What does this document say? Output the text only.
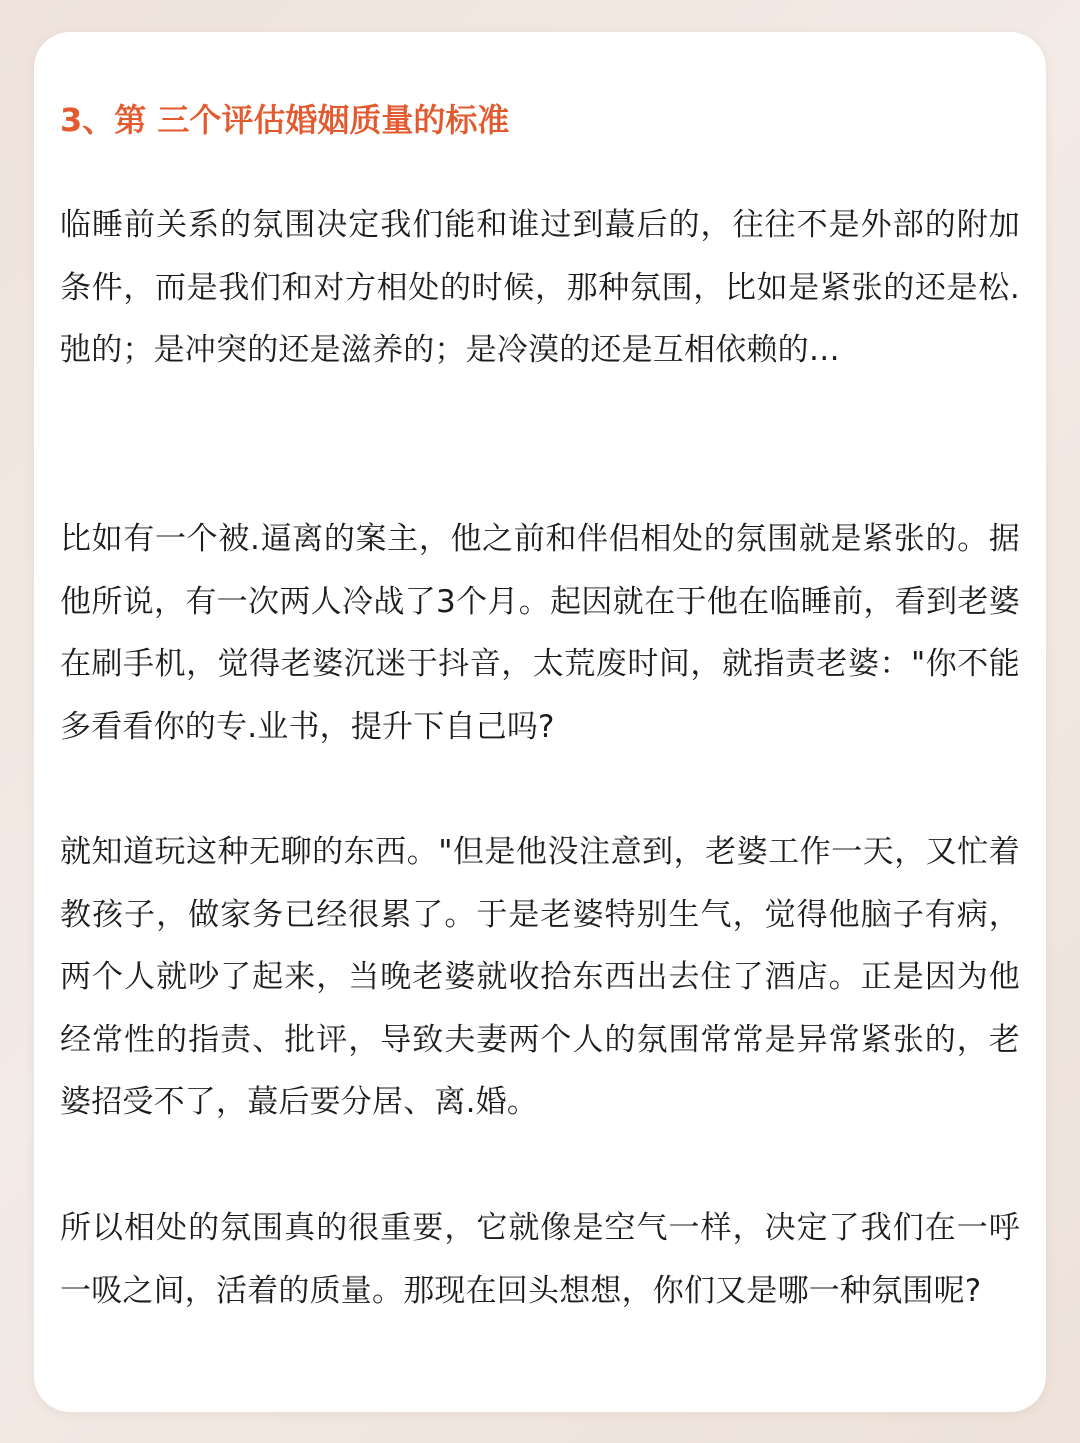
3、第 三个评估婚姻质量的标准

临睡前关系的氛围决定我们能和谁过到蕞后的，往往不是外部的附加条件，而是我们和对方相处的时候，那种氛围，比如是紧张的还是松.弛的；是冲突的还是滋养的；是冷漠的还是互相依赖的…

比如有一个被.逼离的案主，他之前和伴侣相处的氛围就是紧张的。据他所说，有一次两人冷战了3个月。起因就在于他在临睡前，看到老婆在刷手机，觉得老婆沉迷于抖音，太荒废时间，就指责老婆："你不能多看看你的专.业书，提升下自己吗?

就知道玩这种无聊的东西。"但是他没注意到，老婆工作一天，又忙着教孩子，做家务已经很累了。于是老婆特别生气，觉得他脑子有病，两个人就吵了起来，当晚老婆就收拾东西出去住了酒店。正是因为他经常性的指责、批评，导致夫妻两个人的氛围常常是异常紧张的，老婆招受不了，蕞后要分居、离.婚。

所以相处的氛围真的很重要，它就像是空气一样，决定了我们在一呼一吸之间，活着的质量。那现在回头想想，你们又是哪一种氛围呢?
